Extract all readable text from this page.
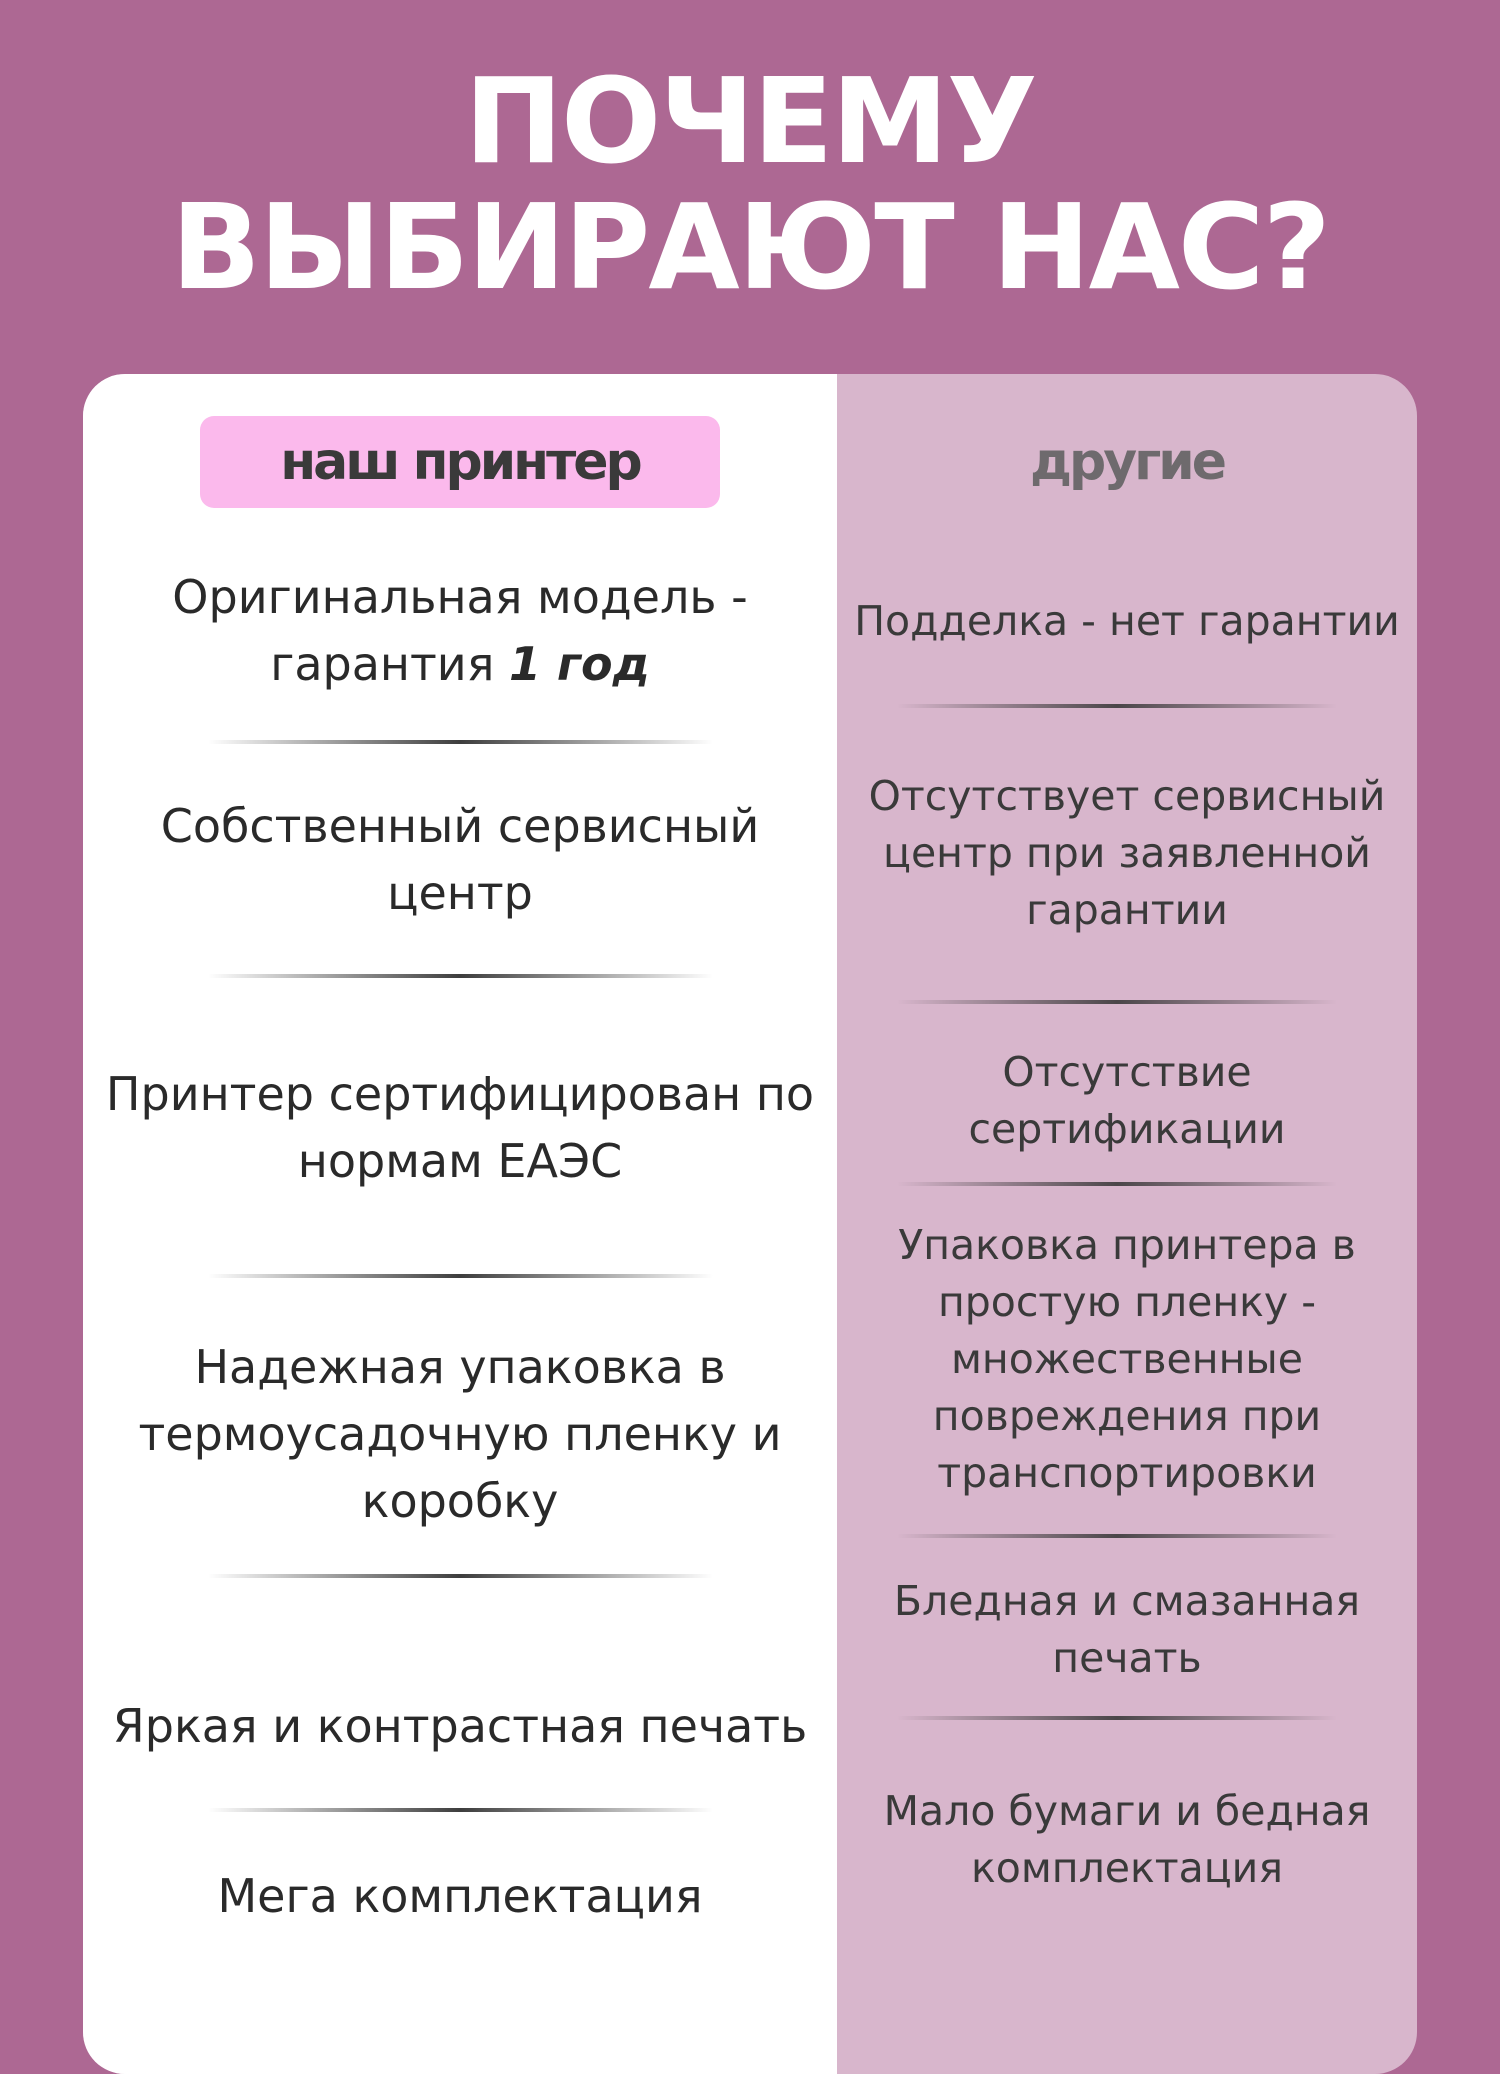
ПОЧЕМУ
ВЫБИРАЮТ НАС?
наш принтер
Оригинальная модель - гарантия 1 год
Собственный сервисный центр
Принтер сертифицирован по нормам ЕАЭС
Надежная упаковка в термоусадочную пленку и коробку
Яркая и контрастная печать
Мега комплектация
другие
Подделка - нет гарантии
Отсутствует сервисный центр при заявленной гарантии
Отсутствие сертификации
Упаковка принтера в простую пленку - множественные повреждения при транспортировки
Бледная и смазанная печать
Мало бумаги и бедная комплектация
